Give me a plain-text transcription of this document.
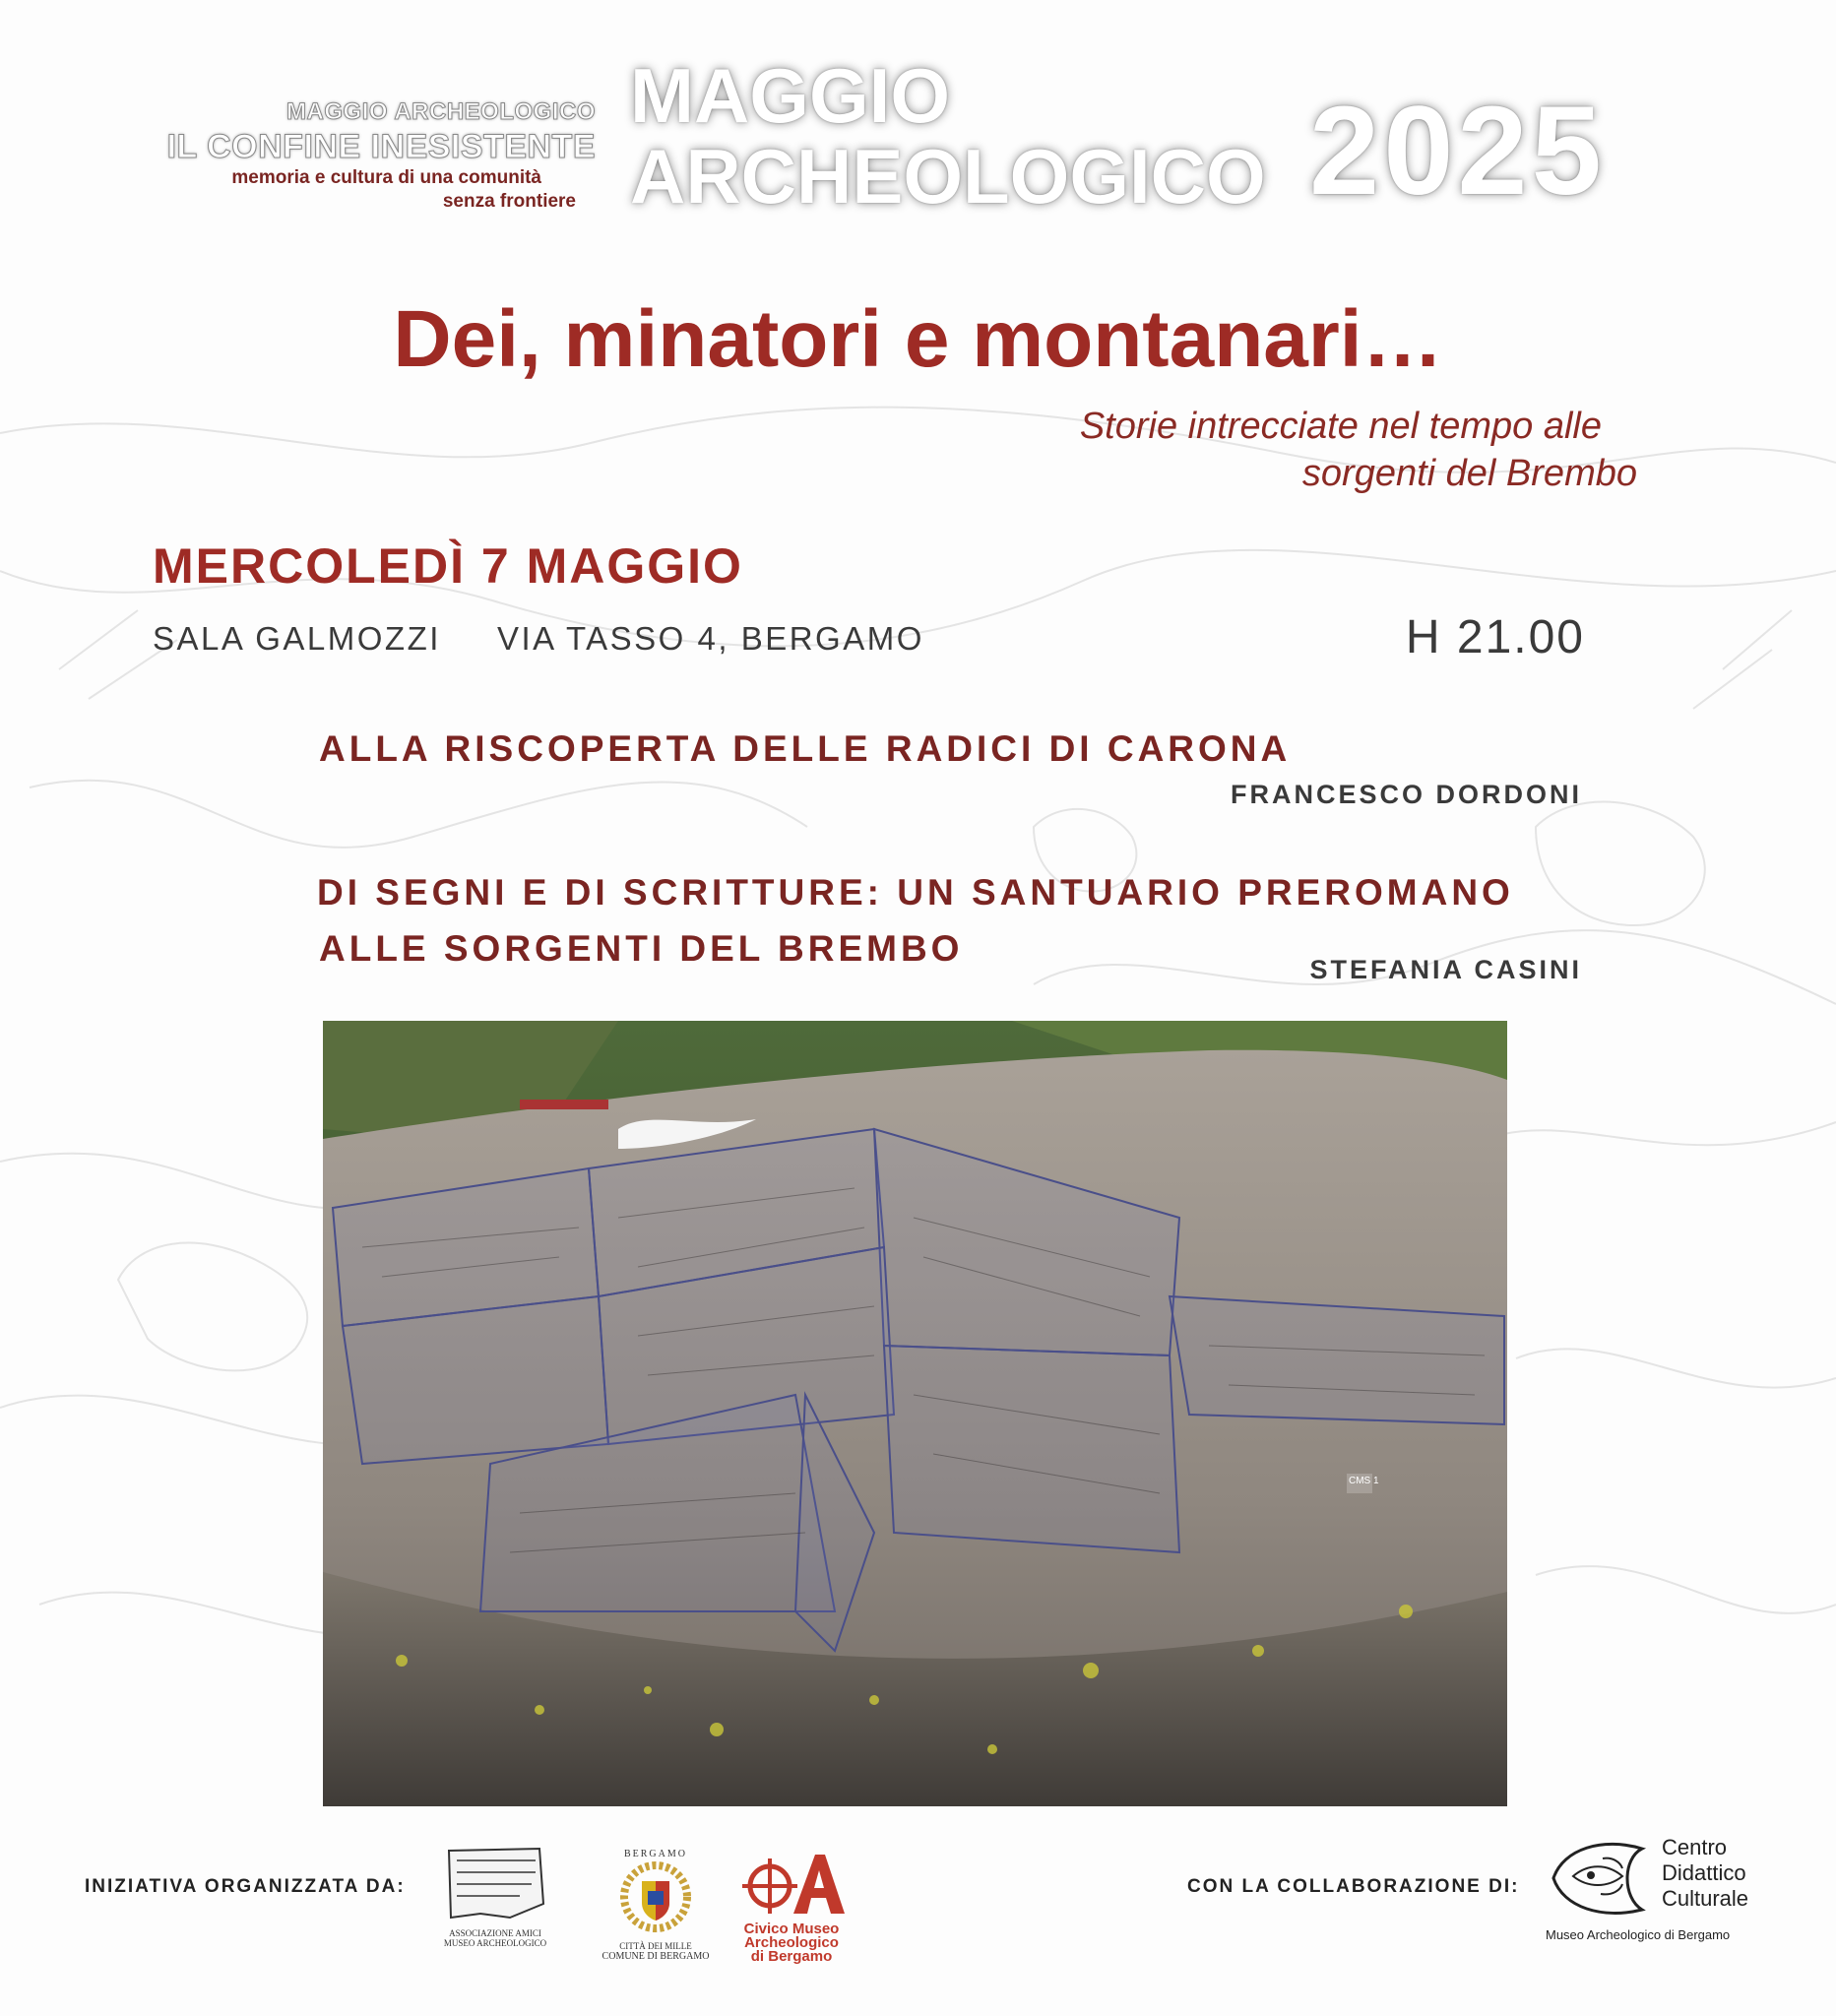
MAGGIO ARCHEOLOGICO
IL CONFINE INESISTENTE
memoria e cultura di una comunità
senza frontiere
MAGGIO
ARCHEOLOGICO 2025
Dei, minatori e montanari…
Storie intrecciate nel tempo alle
sorgenti del Brembo
MERCOLEDÌ 7 MAGGIO
SALA GALMOZZI VIA TASSO 4, BERGAMO	H 21.00
ALLA RISCOPERTA DELLE RADICI DI CARONA
FRANCESCO DORDONI
DI SEGNI E DI SCRITTURE: UN SANTUARIO PREROMANO
ALLE SORGENTI DEL BREMBO
STEFANIA CASINI
CMS 1
INIZIATIVA ORGANIZZATA DA:	CON LA COLLABORAZIONE DI:
ASSOCIAZIONE AMICI
MUSEO ARCHEOLOGICO
BERGAMO
CITTÀ DEI MILLE
COMUNE DI BERGAMO
Civico Museo
Archeologico
di Bergamo
Centro
Didattico
Culturale
Museo Archeologico di Bergamo
